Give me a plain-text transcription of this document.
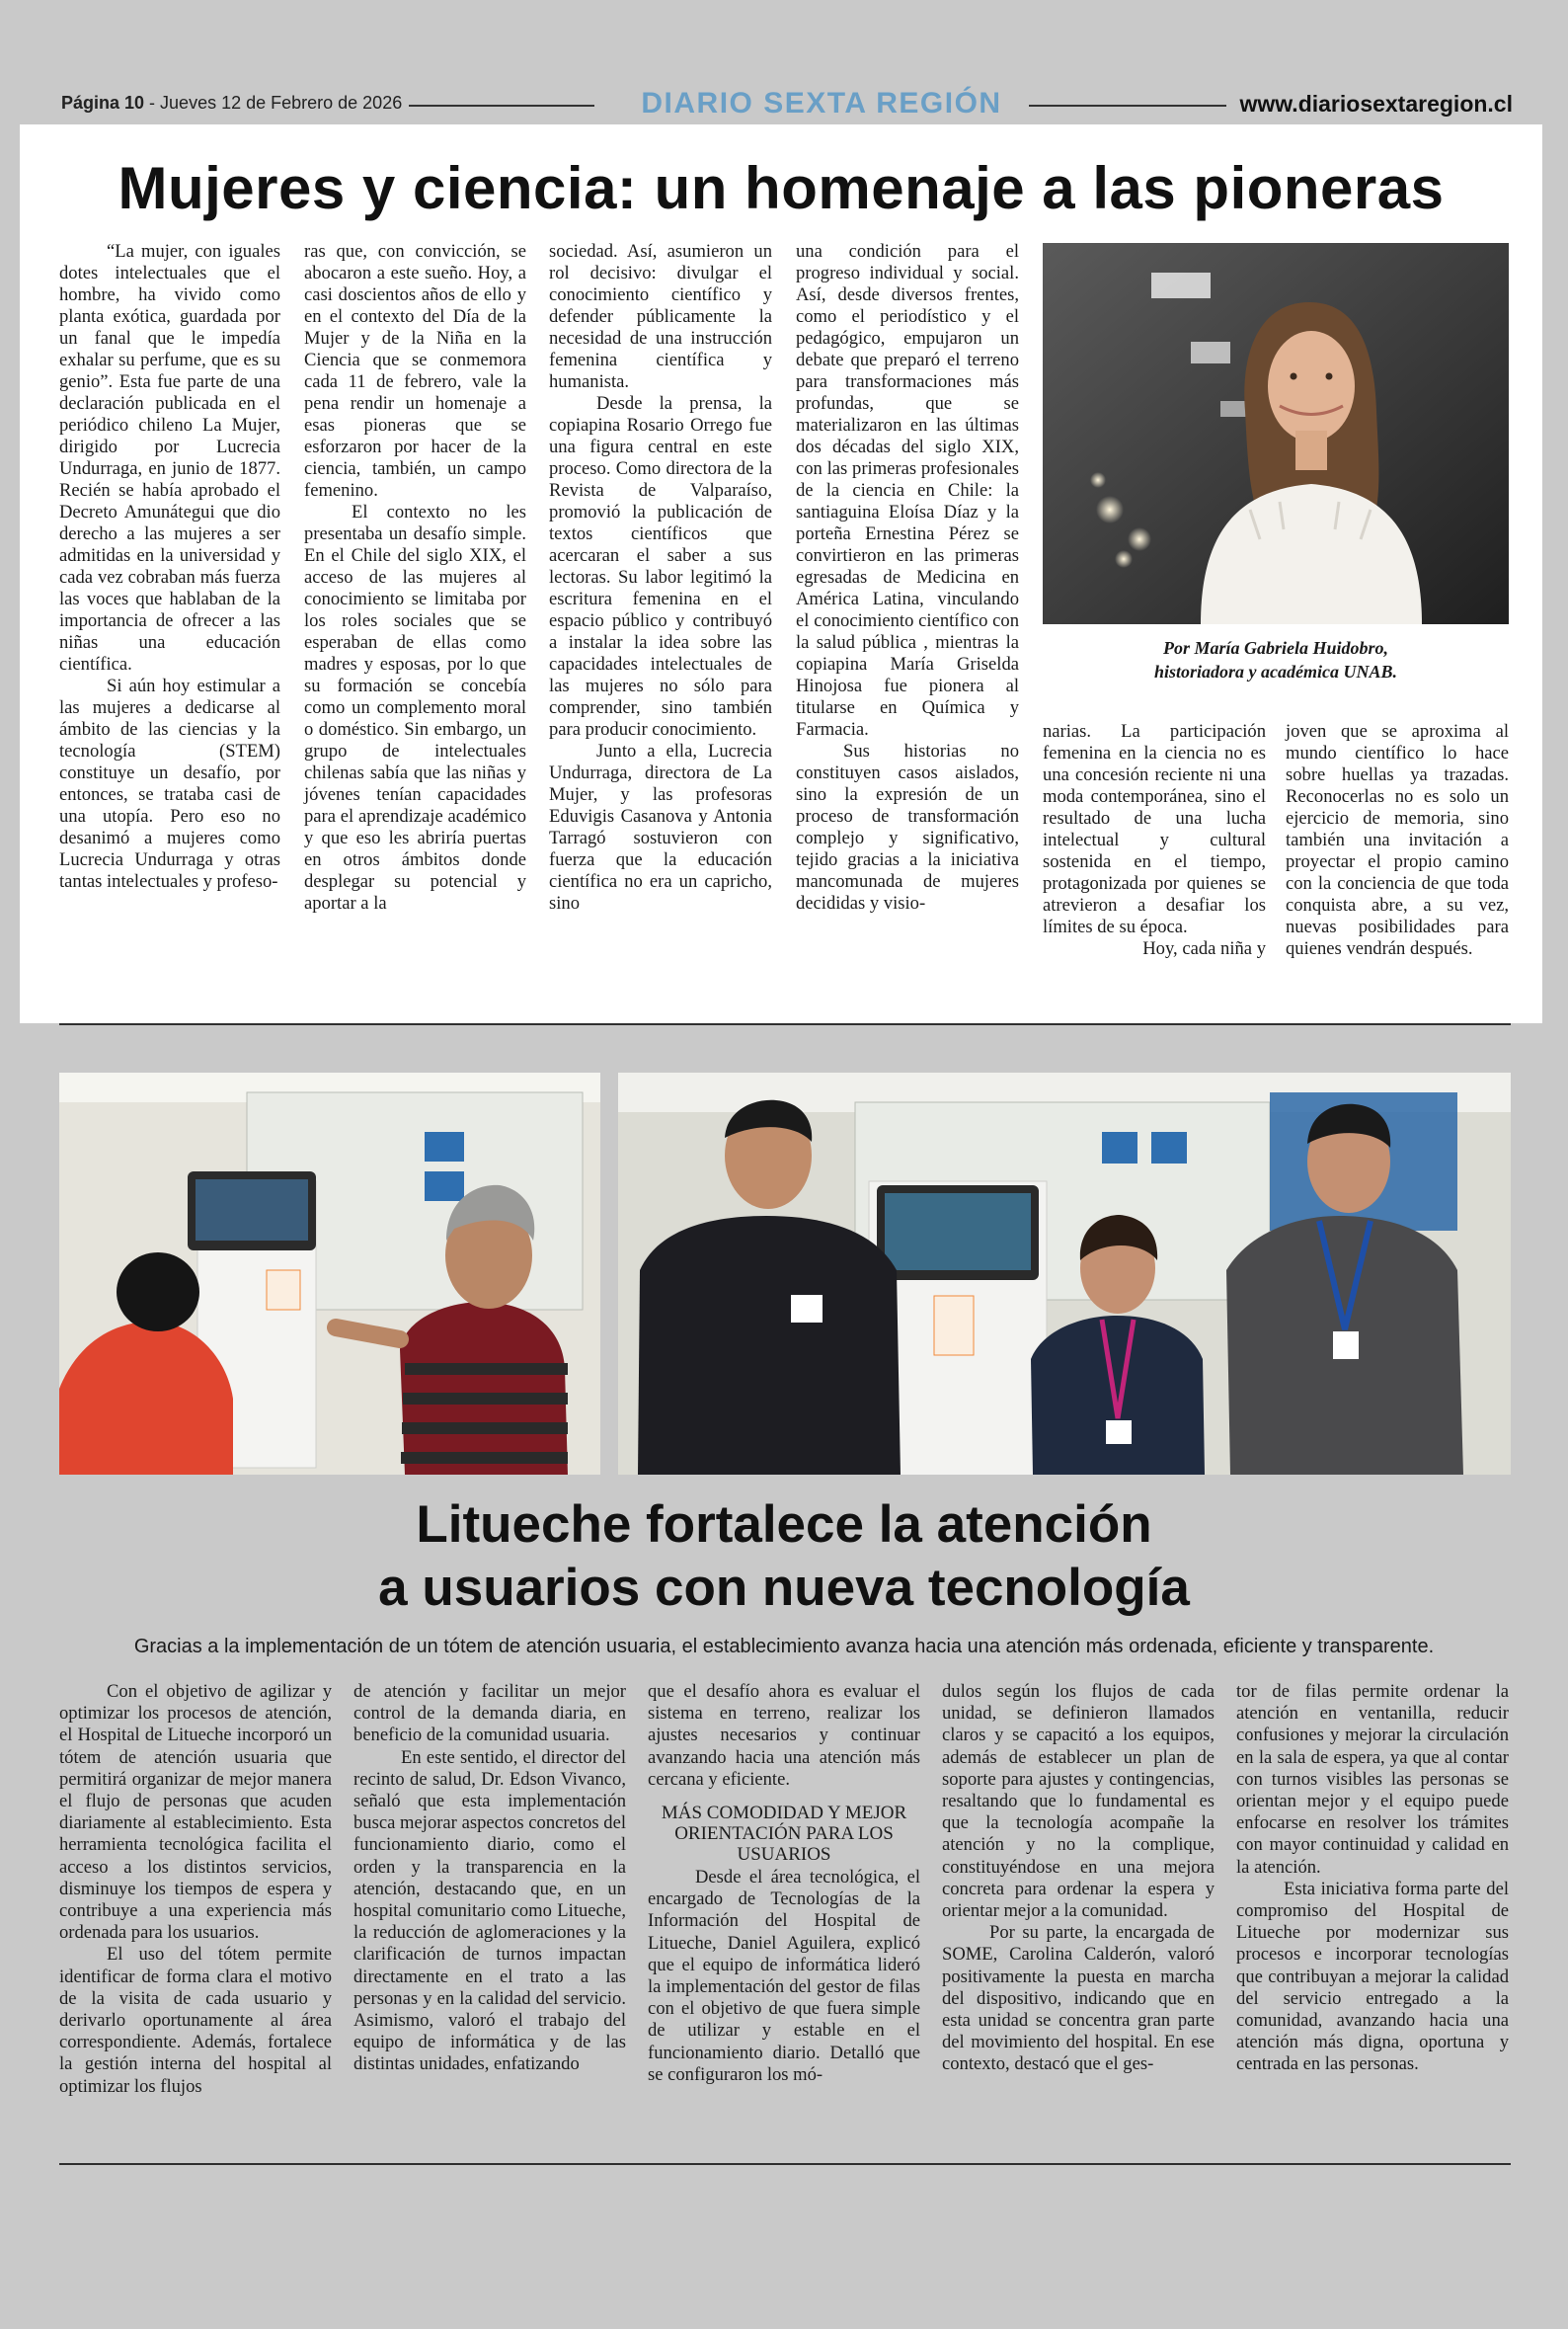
Página 10 - Jueves 12 de Febrero de 2026	DIARIO SEXTA REGIÓN	www.diariosextaregion.cl
Mujeres y ciencia: un homenaje a las pioneras

“La mujer, con iguales dotes intelectuales que el hombre, ha vivido como planta exótica, guardada por un fanal que le impedía exhalar su perfume, que es su genio”. Esta fue parte de una declaración publicada en el periódico chileno La Mujer, dirigido por Lucrecia Undurraga, en junio de 1877. Recién se había aprobado el Decreto Amunátegui que dio derecho a las mujeres a ser admitidas en la universidad y cada vez cobraban más fuerza las voces que hablaban de la importancia de ofrecer a las niñas una educación científica.

Si aún hoy estimular a las mujeres a dedicarse al ámbito de las ciencias y la tecnología (STEM) constituye un desafío, por entonces, se trataba casi de una utopía. Pero eso no desanimó a mujeres como Lucrecia Undurraga y otras tantas intelectuales y profeso-

ras que, con convicción, se abocaron a este sueño. Hoy, a casi doscientos años de ello y en el contexto del Día de la Mujer y de la Niña en la Ciencia que se conmemora cada 11 de febrero, vale la pena rendir un homenaje a esas pioneras que se esforzaron por hacer de la ciencia, también, un campo femenino.

El contexto no les presentaba un desafío simple. En el Chile del siglo XIX, el acceso de las mujeres al conocimiento se limitaba por los roles sociales que se esperaban de ellas como madres y esposas, por lo que su formación se concebía como un complemento moral o doméstico. Sin embargo, un grupo de intelectuales chilenas sabía que las niñas y jóvenes tenían capacidades para el aprendizaje académico y que eso les abriría puertas en otros ámbitos donde desplegar su potencial y aportar a la

sociedad. Así, asumieron un rol decisivo: divulgar el conocimiento científico y defender públicamente la necesidad de una instrucción femenina científica y humanista.

Desde la prensa, la copiapina Rosario Orrego fue una figura central en este proceso. Como directora de la Revista de Valparaíso, promovió la publicación de textos científicos que acercaran el saber a sus lectoras. Su labor legitimó la escritura femenina en el espacio público y contribuyó a instalar la idea sobre las capacidades intelectuales de las mujeres no sólo para comprender, sino también para producir conocimiento.

Junto a ella, Lucrecia Undurraga, directora de La Mujer, y las profesoras Eduvigis Casanova y Antonia Tarragó sostuvieron con fuerza que la educación científica no era un capricho, sino

una condición para el progreso individual y social. Así, desde diversos frentes, como el periodístico y el pedagógico, empujaron un debate que preparó el terreno para transformaciones más profundas, que se materializaron en las últimas dos décadas del siglo XIX, con las primeras profesionales de la ciencia en Chile: la santiaguina Eloísa Díaz y la porteña Ernestina Pérez se convirtieron en las primeras egresadas de Medicina en América Latina, vinculando el conocimiento científico con la salud pública , mientras la copiapina María Griselda Hinojosa fue pionera al titularse en Química y Farmacia.

Sus historias no constituyen casos aislados, sino la expresión de un proceso de transformación complejo y significativo, tejido gracias a la iniciativa mancomunada de mujeres decididas y visio-

Por María Gabriela Huidobro,
historiadora y académica UNAB.

narias. La participación femenina en la ciencia no es una concesión reciente ni una moda contemporánea, sino el resultado de una lucha intelectual y cultural sostenida en el tiempo, protagonizada por quienes se atrevieron a desafiar los límites de su época.

Hoy, cada niña y

joven que se aproxima al mundo científico lo hace sobre huellas ya trazadas. Reconocerlas no es solo un ejercicio de memoria, sino también una invitación a proyectar el propio camino con la conciencia de que toda conquista abre, a su vez, nuevas posibilidades para quienes vendrán después.

Litueche fortalece la atención
a usuarios con nueva tecnología
Gracias a la implementación de un tótem de atención usuaria, el establecimiento avanza hacia una atención más ordenada, eficiente y transparente.

Con el objetivo de agilizar y optimizar los procesos de atención, el Hospital de Litueche incorporó un tótem de atención usuaria que permitirá organizar de mejor manera el flujo de personas que acuden diariamente al establecimiento. Esta herramienta tecnológica facilita el acceso a los distintos servicios, disminuye los tiempos de espera y contribuye a una experiencia más ordenada para los usuarios.

El uso del tótem permite identificar de forma clara el motivo de la visita de cada usuario y derivarlo oportunamente al área correspondiente. Además, fortalece la gestión interna del hospital al optimizar los flujos

de atención y facilitar un mejor control de la demanda diaria, en beneficio de la comunidad usuaria.

En este sentido, el director del recinto de salud, Dr. Edson Vivanco, señaló que esta implementación busca mejorar aspectos concretos del funcionamiento diario, como el orden y la transparencia en la atención, destacando que, en un hospital comunitario como Litueche, la reducción de aglomeraciones y la clarificación de turnos impactan directamente en el trato a las personas y en la calidad del servicio. Asimismo, valoró el trabajo del equipo de informática y de las distintas unidades, enfatizando

que el desafío ahora es evaluar el sistema en terreno, realizar los ajustes necesarios y continuar avanzando hacia una atención más cercana y eficiente.

MÁS COMODIDAD Y MEJOR ORIENTACIÓN PARA LOS USUARIOS

Desde el área tecnológica, el encargado de Tecnologías de la Información del Hospital de Litueche, Daniel Aguilera, explicó que el equipo de informática lideró la implementación del gestor de filas con el objetivo de que fuera simple de utilizar y estable en el funcionamiento diario. Detalló que se configuraron los mó-

dulos según los flujos de cada unidad, se definieron llamados claros y se capacitó a los equipos, además de establecer un plan de soporte para ajustes y contingencias, resaltando que lo fundamental es que la tecnología acompañe la atención y no la complique, constituyéndose en una mejora concreta para ordenar la espera y orientar mejor a la comunidad.

Por su parte, la encargada de SOME, Carolina Calderón, valoró positivamente la puesta en marcha del dispositivo, indicando que en esta unidad se concentra gran parte del movimiento del hospital. En ese contexto, destacó que el ges-

tor de filas permite ordenar la atención en ventanilla, reducir confusiones y mejorar la circulación en la sala de espera, ya que al contar con turnos visibles las personas se orientan mejor y el equipo puede enfocarse en resolver los trámites con mayor continuidad y calidad en la atención.

Esta iniciativa forma parte del compromiso del Hospital de Litueche por modernizar sus procesos e incorporar tecnologías que contribuyan a mejorar la calidad del servicio entregado a la comunidad, avanzando hacia una atención más digna, oportuna y centrada en las personas.
